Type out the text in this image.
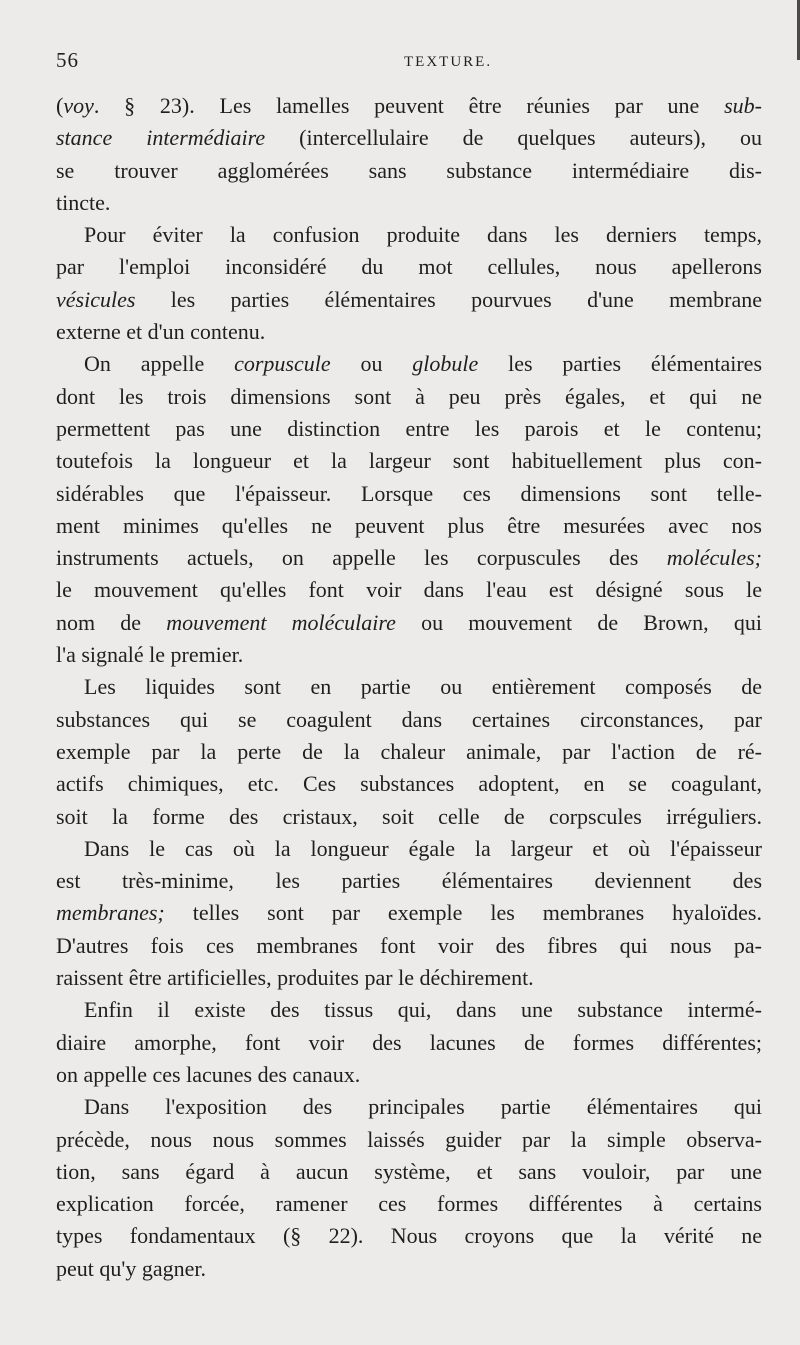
56	TEXTURE.
(voy. § 23). Les lamelles peuvent être réunies par une sub-
stance intermédiaire (intercellulaire de quelques auteurs), ou
se trouver agglomérées sans substance intermédiaire dis-
tincte.
Pour éviter la confusion produite dans les derniers temps,
par l'emploi inconsidéré du mot cellules, nous apellerons
vésicules les parties élémentaires pourvues d'une membrane
externe et d'un contenu.
On appelle corpuscule ou globule les parties élémentaires
dont les trois dimensions sont à peu près égales, et qui ne
permettent pas une distinction entre les parois et le contenu;
toutefois la longueur et la largeur sont habituellement plus con-
sidérables que l'épaisseur. Lorsque ces dimensions sont telle-
ment minimes qu'elles ne peuvent plus être mesurées avec nos
instruments actuels, on appelle les corpuscules des molécules;
le mouvement qu'elles font voir dans l'eau est désigné sous le
nom de mouvement moléculaire ou mouvement de Brown, qui
l'a signalé le premier.
Les liquides sont en partie ou entièrement composés de
substances qui se coagulent dans certaines circonstances, par
exemple par la perte de la chaleur animale, par l'action de ré-
actifs chimiques, etc. Ces substances adoptent, en se coagulant,
soit la forme des cristaux, soit celle de corpscules irréguliers.
Dans le cas où la longueur égale la largeur et où l'épaisseur
est très-minime, les parties élémentaires deviennent des
membranes; telles sont par exemple les membranes hyaloïdes.
D'autres fois ces membranes font voir des fibres qui nous pa-
raissent être artificielles, produites par le déchirement.
Enfin il existe des tissus qui, dans une substance intermé-
diaire amorphe, font voir des lacunes de formes différentes;
on appelle ces lacunes des canaux.
Dans l'exposition des principales partie élémentaires qui
précède, nous nous sommes laissés guider par la simple observa-
tion, sans égard à aucun système, et sans vouloir, par une
explication forcée, ramener ces formes différentes à certains
types fondamentaux (§ 22). Nous croyons que la vérité ne
peut qu'y gagner.
